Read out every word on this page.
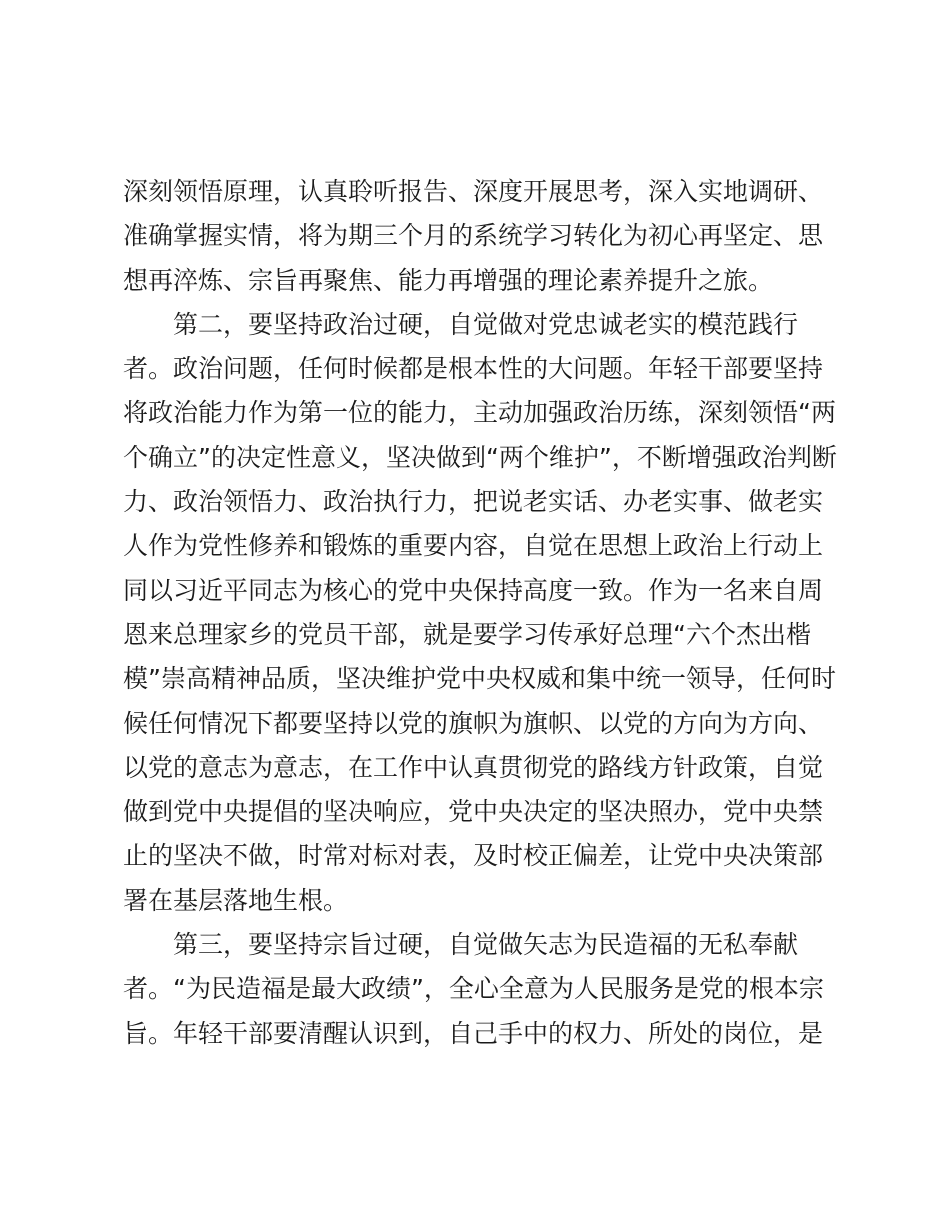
深刻领悟原理，认真聆听报告、深度开展思考，深入实地调研、
准确掌握实情，将为期三个月的系统学习转化为初心再坚定、思
想再淬炼、宗旨再聚焦、能力再增强的理论素养提升之旅。
　　第二，要坚持政治过硬，自觉做对党忠诚老实的模范践行
者。政治问题，任何时候都是根本性的大问题。年轻干部要坚持
将政治能力作为第一位的能力，主动加强政治历练，深刻领悟“两
个确立”的决定性意义，坚决做到“两个维护”，不断增强政治判断
力、政治领悟力、政治执行力，把说老实话、办老实事、做老实
人作为党性修养和锻炼的重要内容，自觉在思想上政治上行动上
同以习近平同志为核心的党中央保持高度一致。作为一名来自周
恩来总理家乡的党员干部，就是要学习传承好总理“六个杰出楷
模”崇高精神品质，坚决维护党中央权威和集中统一领导，任何时
候任何情况下都要坚持以党的旗帜为旗帜、以党的方向为方向、
以党的意志为意志，在工作中认真贯彻党的路线方针政策，自觉
做到党中央提倡的坚决响应，党中央决定的坚决照办，党中央禁
止的坚决不做，时常对标对表，及时校正偏差，让党中央决策部
署在基层落地生根。
　　第三，要坚持宗旨过硬，自觉做矢志为民造福的无私奉献
者。“为民造福是最大政绩”，全心全意为人民服务是党的根本宗
旨。年轻干部要清醒认识到，自己手中的权力、所处的岗位，是
